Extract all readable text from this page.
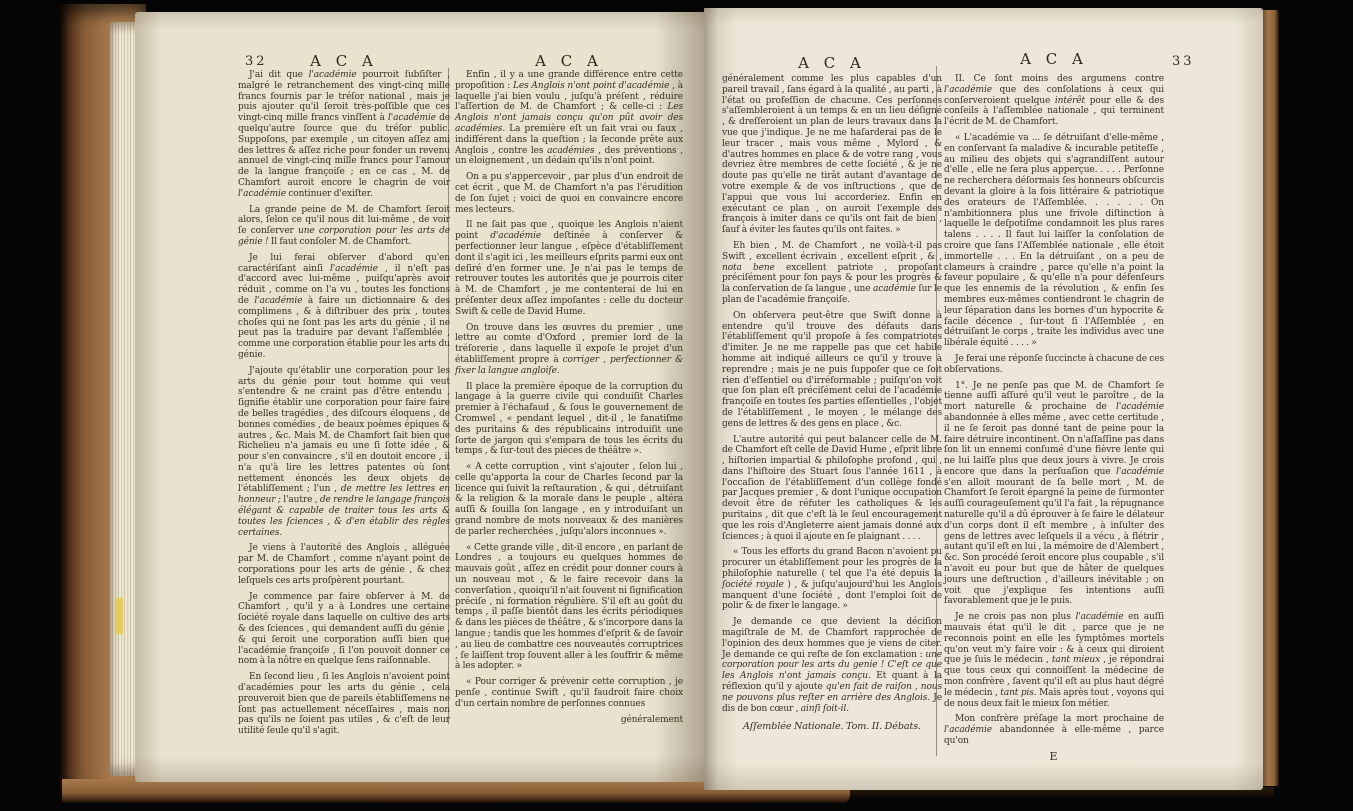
32	A C A	A C A

J'ai dit que l'académie pourroit ſubſiſter , malgré le retranchement des vingt-cinq mille francs fournis par le tréſor national , mais je puis ajouter qu'il ſeroit très-poſſible que ces vingt-cinq mille francs vinſſent à l'académie de quelqu'autre ſource que du tréſor public. Suppoſons, par exemple , un citoyen aſſez ami des lettres & aſſez riche pour fonder un revenu annuel de vingt-cinq mille francs pour l'amour de la langue françoiſe ; en ce cas , M. de Chamfort auroit encore le chagrin de voir l'académie continuer d'exiſter.

La grande peine de M. de Chamfort ſeroit alors, ſelon ce qu'il nous dit lui-même , de voir ſe conſerver une corporation pour les arts de génie ! Il faut conſoler M. de Chamfort.

Je lui ferai obſerver d'abord qu'en caractériſant ainſi l'académie , il n'eſt pas d'accord avec lui-même , puiſqu'après avoir réduit , comme on l'a vu , toutes les fonctions de l'académie à faire un dictionnaire & des complimens , & à diſtribuer des prix , toutes choſes qui ne ſont pas les arts du génie , il ne peut pas la traduire par devant l'aſſemblée , comme une corporation établie pour les arts du génie.

J'ajoute qu'établir une corporation pour les arts du génie pour tout homme qui veut s'entendre & ne craint pas d'être entendu , ſignifie établir une corporation pour faire faire de belles tragédies , des diſcours éloquens , de bonnes comédies , de beaux poèmes épiques & autres , &c. Mais M. de Chamfort ſait bien que Richelieu n'a jamais eu une ſi ſotte idée , & pour s'en convaincre , s'il en doutoit encore , il n'a qu'à lire les lettres patentes où ſont nettement énoncés les deux objets de l'établiſſement ; l'un , de mettre les lettres en honneur ; l'autre , de rendre le langage françois élégant & capable de traiter tous les arts & toutes les ſciences , & d'en établir des règles certaines.

Je viens à l'autorité des Anglois , alléguée par M. de Chamfort , comme n'ayant point de corporations pour les arts de génie , & chez leſquels ces arts proſpèrent pourtant.

Je commence par faire obſerver à M. de Chamfort , qu'il y a à Londres une certaine ſociété royale dans laquelle on cultive des arts & des ſciences , qui demandent auſſi du génie , & qui ſeroit une corporation auſſi bien que l'académie françoiſe , ſi l'on pouvoit donner ce nom à la nôtre en quelque ſens raiſonnable.

En ſecond lieu , ſi les Anglois n'avoient point d'académies pour les arts du génie , cela prouveroit bien que de pareils établiſſemens ne ſont pas actuellement néceſſaires , mais non pas qu'ils ne ſoient pas utiles , & c'eſt de leur utilité ſeule qu'il s'agit.

Enfin , il y a une grande différence entre cette propoſition : Les Anglois n'ont point d'académie , à laquelle j'ai bien voulu , juſqu'à préſent , réduire l'aſſertion de M. de Chamfort ; & celle-ci : Les Anglois n'ont jamais conçu qu'on pût avoir des académies. La première eſt un fait vrai ou faux , indifférent dans la queſtion ; la ſeconde prête aux Anglois , contre les académies , des préventions , un éloignement , un dédain qu'ils n'ont point.

On a pu s'appercevoir , par plus d'un endroit de cet écrit , que M. de Chamfort n'a pas l'érudition de ſon ſujet ; voici de quoi en convaincre encore mes lecteurs.

Il ne ſait pas que , quoique les Anglois n'aient point d'académie deſtinée à conſerver & perfectionner leur langue , eſpèce d'établiſſement dont il s'agit ici , les meilleurs eſprits parmi eux ont deſiré d'en former une. Je n'ai pas le temps de retrouver toutes les autorités que je pourrois citer à M. de Chamfort , je me contenterai de lui en préſenter deux aſſez impoſantes : celle du docteur Swift & celle de David Hume.

On trouve dans les œuvres du premier , une lettre au comte d'Oxford , premier lord de la tréſorerie , dans laquelle il expoſe le projet d'un établiſſement propre à corriger , perfectionner & fixer la langue angloiſe.

Il place la première époque de la corruption du langage à la guerre civile qui conduiſit Charles premier à l'échafaud , & ſous le gouvernement de Cromwel , « pendant lequel , dit-il , le fanatiſme des puritains & des républicains introduiſit une ſorte de jargon qui s'empara de tous les écrits du temps , & ſur-tout des pièces de théâtre ».

« A cette corruption , vint s'ajouter , ſelon lui , celle qu'apporta la cour de Charles ſecond par la licence qui ſuivit la reſtauration , & qui , détruiſant & la religion & la morale dans le peuple , altéra auſſi & ſouilla ſon langage , en y introduiſant un grand nombre de mots nouveaux & des manières de parler recherchées , juſqu'alors inconnues ».

« Cette grande ville , dit-il encore , en parlant de Londres , a toujours eu quelques hommes de mauvais goût , aſſez en crédit pour donner cours à un nouveau mot , & le faire recevoir dans la converſation , quoiqu'il n'ait ſouvent ni ſignification préciſe , ni formation régulière. S'il eſt au goût du temps , il paſſe bientôt dans les écrits périodiques & dans les pièces de théâtre , & s'incorpore dans la langue ; tandis que les hommes d'eſprit & de ſavoir , au lieu de combattre ces nouveautés corruptrices , ſe laiſſent trop ſouvent aller à les ſouffrir & même à les adopter. »

« Pour corriger & prévenir cette corruption , je penſe , continue Swift , qu'il faudroit faire choix d'un certain nombre de perſonnes connues

généralement

A C A	A C A	33

généralement comme les plus capables d'un pareil travail , ſans égard à la qualité , au parti , à l'état ou profeſſion de chacune. Ces perſonnes s'aſſembleroient à un temps & en un lieu déſigné , & dreſſeroient un plan de leurs travaux dans la vue que j'indique. Je ne me haſarderai pas de le leur tracer , mais vous même , Mylord , & d'autres hommes en place & de votre rang , vous devriez être membres de cette ſociété , & je ne doute pas qu'elle ne tirât autant d'avantage de votre exemple & de vos inſtructions , que de l'appui que vous lui accorderiez. Enfin en exécutant ce plan , on auroit l'exemple des françois à imiter dans ce qu'ils ont fait de bien , ſauf à éviter les fautes qu'ils ont faites. »

Eh bien , M. de Chamfort , ne voilà-t-il pas Swift , excellent écrivain , excellent eſprit , & , nota bene excellent patriote , propoſant préciſément pour ſon pays & pour les progrès & la conſervation de ſa langue , une académie ſur le plan de l'académie françoiſe.

On obſervera peut-être que Swift donne à entendre qu'il trouve des défauts dans l'établiſſement qu'il propoſe à ſes compatriotes d'imiter. Je ne me rappelle pas que cet habile homme ait indiqué ailleurs ce qu'il y trouve à reprendre ; mais je ne puis ſuppoſer que ce ſoit rien d'eſſentiel ou d'irréformable ; puiſqu'on voit que ſon plan eſt préciſément celui de l'académie françoiſe en toutes ſes parties eſſentielles , l'objet de l'établiſſement , le moyen , le mélange des gens de lettres & des gens en place , &c.

L'autre autorité qui peut balancer celle de M. de Chamfort eſt celle de David Hume , eſprit libre , hiſtorien impartial & philoſophe profond , qui , dans l'hiſtoire des Stuart ſous l'année 1611 , à l'occaſion de l'établiſſement d'un collège fondé par Jacques premier , & dont l'unique occupation devoit être de réfuter les catholiques & les puritains , dit que c'eſt là le ſeul encouragement que les rois d'Angleterre aient jamais donné aux ſciences ; à quoi il ajoute en ſe plaignant . . . .

« Tous les efforts du grand Bacon n'avoient pu procurer un établiſſement pour les progrès de la philoſophie naturelle ( tel que l'a été depuis la ſociété royale ) , & juſqu'aujourd'hui les Anglois manquent d'une ſociété , dont l'emploi ſoit de polir & de fixer le langage. »

Je demande ce que devient la déciſion magiſtrale de M. de Chamfort rapprochée de l'opinion des deux hommes que je viens de citer. Je demande ce qui reſte de ſon exclamation : une corporation pour les arts du genie ! C'eſt ce que les Anglois n'ont jamais conçu. Et quant à la réflexion qu'il y ajoute qu'en fait de raiſon , nous ne pouvons plus reſter en arrière des Anglois. Je dis de bon cœur , ainſi ſoit-il.

Aſſemblée Nationale. Tom. II. Débats.

II. Ce ſont moins des argumens contre l'académie que des conſolations à ceux qui conſerveroient quelque intérêt pour elle & des conſeils à l'aſſemblée nationale , qui terminent l'écrit de M. de Chamfort.

« L'académie va ... ſe détruiſant d'elle-même , en conſervant ſa maladive & incurable petiteſſe , au milieu des objets qui s'agrandiſſent autour d'elle , elle ne ſera plus apperçue. . . . . Perſonne ne recherchera déſormais ſes honneurs obſcurcis devant la gloire à la fois littéraire & patriotique des orateurs de l'Aſſemblée. . . . . . On n'ambitionnera plus une frivole diſtinction à laquelle le deſpotiſme condamnoit les plus rares talens . . . . Il faut lui laiſſer la conſolation de croire que ſans l'Aſſemblée nationale , elle étoit immortelle . . . En la détruiſant , on a peu de clameurs à craindre , parce qu'elle n'a point la faveur populaire , & qu'elle n'a pour défenſeurs que les ennemis de la révolution , & enfin ſes membres eux-mêmes contiendront le chagrin de leur ſéparation dans les bornes d'un hypocrite & facile décence , ſur-tout ſi l'Aſſemblée , en détruiſant le corps , traite les individus avec une libérale équité . . . . »

Je ferai une réponſe ſuccincte à chacune de ces obſervations.

1°. Je ne penſe pas que M. de Chamfort ſe tienne auſſi aſſuré qu'il veut le paroître , de la mort naturelle & prochaine de l'académie abandonnée à elles même , avec cette certitude , il ne ſe ſeroit pas donné tant de peine pour la faire détruire incontinent. On n'aſſaſſine pas dans ſon lit un ennemi conſumé d'une fièvre lente qui ne lui laiſſe plus que deux jours à vivre. Je crois encore que dans la perſuaſion que l'académie s'en alloit mourant de ſa belle mort , M. de Chamfort ſe ſeroit épargné la peine de ſurmonter auſſi courageuſement qu'il l'a fait , la répugnance naturelle qu'il a dû éprouver à ſe faire le délateur d'un corps dont il eſt membre , à inſulter des gens de lettres avec leſquels il a vécu , à flétrir , autant qu'il eſt en lui , la mémoire de d'Alembert , &c. Son procédé ſeroit encore plus coupable , s'il n'avoit eu pour but que de hâter de quelques jours une deſtruction , d'ailleurs inévitable ; on voit que j'explique ſes intentions auſſi favorablement que je le puis.

Je ne crois pas non plus l'académie en auſſi mauvais état qu'il le dit , parce que je ne reconnois point en elle les ſymptômes mortels qu'on veut m'y faire voir : & à ceux qui diroient que je ſuis le médecin , tant mieux , je répondrai que tous ceux qui connoiſſent la médecine de mon confrère , ſavent qu'il eſt au plus haut dégré le médecin , tant pis. Mais après tout , voyons qui de nous deux fait le mieux ſon métier.

Mon confrère préſage la mort prochaine de l'académie abandonnée à elle-même , parce qu'on

E
